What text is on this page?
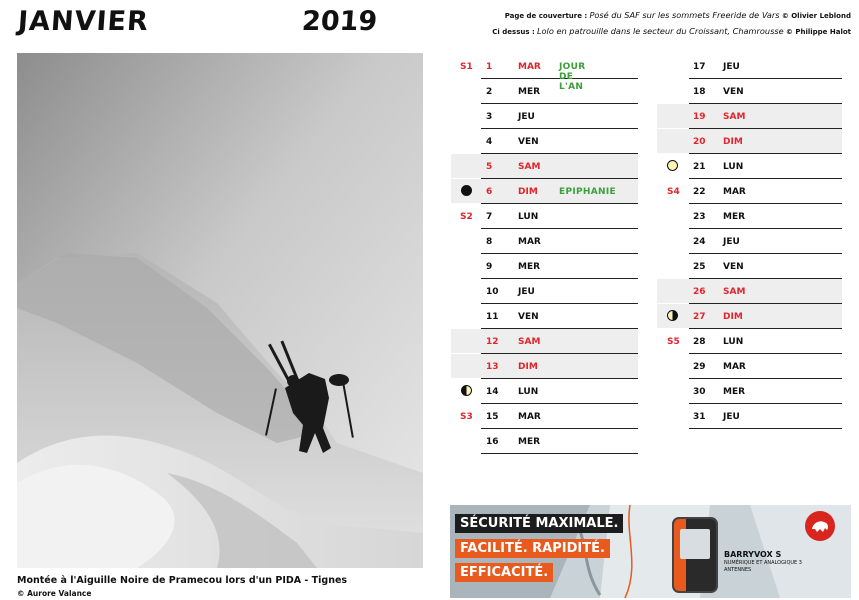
JANVIER	2019	Page de couverture : Posé du SAF sur les sommets Freeride de Vars © Olivier Leblond
Ci dessus : Lolo en patrouille dans le secteur du Croissant, Chamrousse © Philippe Halot
Montée à l'Aiguille Noire de Pramecou lors d'un PIDA - Tignes
© Aurore Valance
S1 1	MAR JOUR DE L'AN
2	MER
3	JEU
4	VEN
5	SAM
6	DIM EPIPHANIE
S2 7	LUN
8	MAR
9	MER
10 JEU
11 VEN
12 SAM
13 DIM
14 LUN
S3 15 MAR
16 MER
17 JEU
18 VEN
19 SAM
20 DIM
21 LUN
S4 22 MAR
23 MER
24 JEU
25 VEN
26 SAM
27 DIM
S5 28 LUN
29 MAR
30 MER
31 JEU
SÉCURITÉ MAXIMALE.
FACILITÉ. RAPIDITÉ.
EFFICACITÉ.
BARRYVOX S
NUMÉRIQUE ET ANALOGIQUE 3 ANTENNES
